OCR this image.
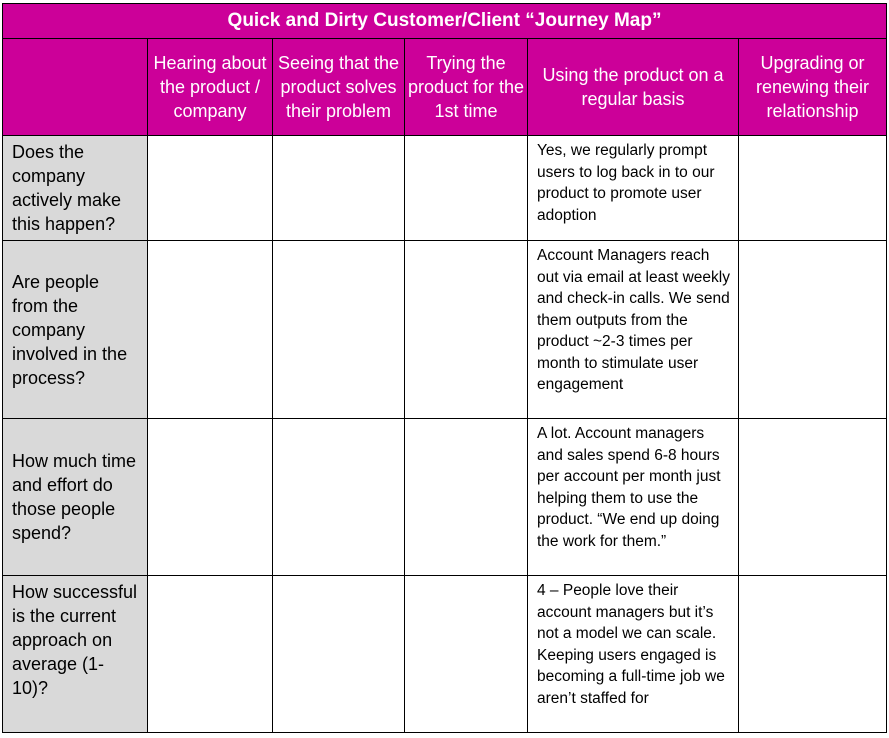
Quick and Dirty Customer/Client “Journey Map”					
	Hearing about the product / company	Seeing that the product solves their problem	Trying the product for the 1st time	Using the product on a regular basis	Upgrading or renewing their relationship
Does the company actively make this happen?				Yes, we regularly prompt users to log back in to our product to promote user adoption	
Are people from the company involved in the process?				Account Managers reach out via email at least weekly and check-in calls. We send them outputs from the product ~2-3 times per month to stimulate user engagement	
How much time and effort do those people spend?				A lot. Account managers and sales spend 6-8 hours per account per month just helping them to use the product. “We end up doing the work for them.”	
How successful is the current approach on average (1-10)?				4 – People love their account managers but it’s not a model we can scale. Keeping users engaged is becoming a full-time job we aren’t staffed for	
